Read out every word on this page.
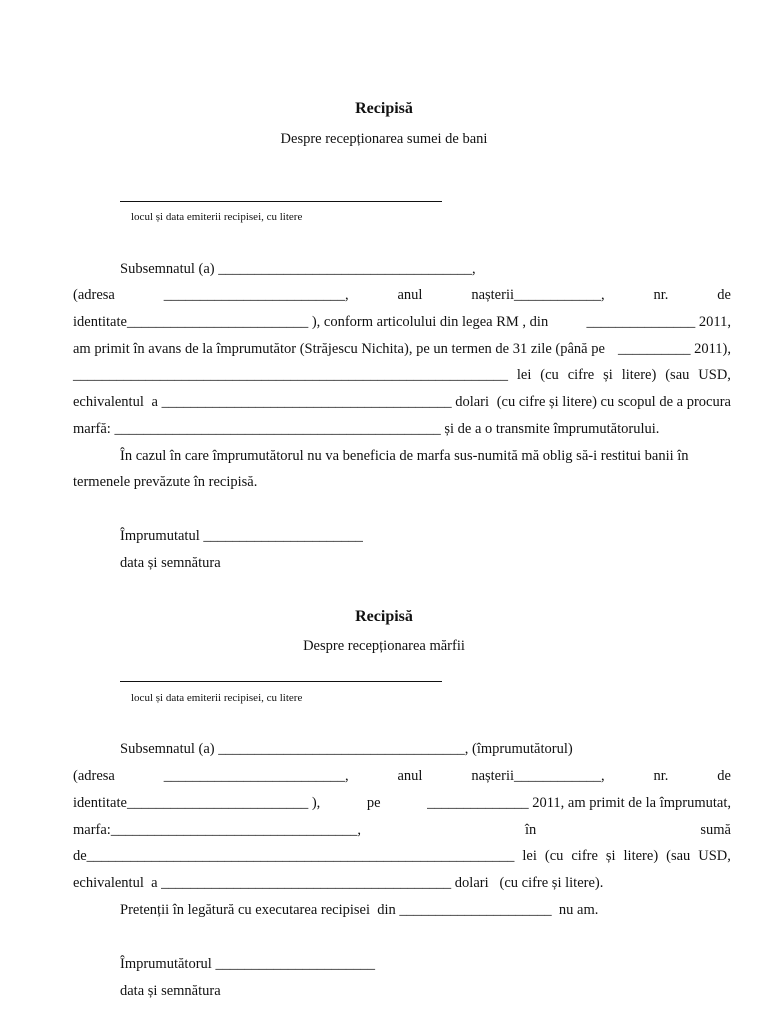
Recipisă
Despre recepționarea sumei de bani
locul și data emiterii recipisei, cu litere
Subsemnatul (a) ___________________________________,
(adresa	_________________________,	anul	nașterii____________,	nr.	de
identitate_________________________ ), conform articolului din legea RM , din	_______________ 2011,
am primit în avans de la împrumutător (Străjescu Nichita), pe un termen de 31 zile (până pe __________ 2011),
____________________________________________________________ lei (cu cifre și litere) (sau USD,
echivalentul a ________________________________________ dolari (cu cifre și litere) cu scopul de a procura
marfă: _____________________________________________ și de a o transmite împrumutătorului.
În cazul în care împrumutătorul nu va beneficia de marfa sus-numită mă oblig să-i restitui banii în
termenele prevăzute în recipisă.
Împrumutatul ______________________
data și semnătura
Recipisă
Despre recepționarea mărfii
locul și data emiterii recipisei, cu litere
Subsemnatul (a) __________________________________, (împrumutătorul)
(adresa	_________________________,	anul	nașterii____________,	nr.	de
identitate_________________________ ),	pe	______________ 2011, am primit de la împrumutat,
marfa:__________________________________,	în	sumă
de___________________________________________________________ lei (cu cifre și litere) (sau USD,
echivalentul  a ________________________________________ dolari   (cu cifre și litere).
Pretenții în legătură cu executarea recipisei  din _____________________  nu am.
Împrumutătorul ______________________
data și semnătura
